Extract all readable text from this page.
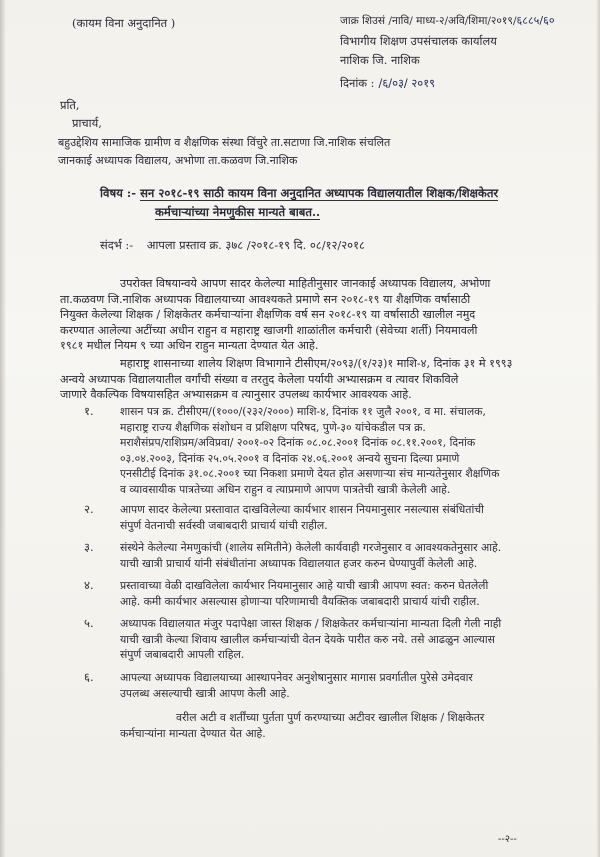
(कायम विना अनुदानित )	जाक्र शिउसं /नावि/ माध्य-२/अवि/शिमा/२०१९/६८८५/६०
विभागीय शिक्षण उपसंचालक कार्यालय
नाशिक जि. नाशिक
दिनांक : /६/०३/ २०१९
प्रति,
प्राचार्य,
बहुउद्देशिय सामाजिक ग्रामीण व शैक्षणिक संस्था विंचुरे ता.सटाणा जि.नाशिक संचलित
जानकाई अध्यापक विद्यालय, अभोणा ता.कळवण जि.नाशिक
विषय :- सन २०१८-१९ साठी कायम विना अनुदानित अध्यापक विद्यालयातील शिक्षक/शिक्षकेतर
कर्मचाऱ्यांच्या नेमणुकीस मान्यते बाबत..
संदर्भ :- आपला प्रस्ताव क्र. ३७८ /२०१८-१९ दि. ०८/१२/२०१८
उपरोक्त विषयान्वये आपण सादर केलेल्या माहितीनुसार जानकाई अध्यापक विद्यालय, अभोणा
ता.कळवण जि.नाशिक अध्यापक विद्यालयाच्या आवश्यकते प्रमाणे सन २०१८-१९ या शैक्षणिक वर्षासाठी
नियुक्त केलेल्या शिक्षक / शिक्षकेतर कर्मचाऱ्यांना शैक्षणिक वर्ष सन २०१८-१९ या वर्षासाठी खालील नमुद
करण्यात आलेल्या अटींच्या अधीन राहुन व महाराष्ट्र खाजगी शाळांतील कर्मचारी (सेवेच्या शर्ती) नियमावली
१९८१ मधील नियम ९ च्या अधिन राहुन मान्यता देण्यात येत आहे.
महाराष्ट्र शासनाच्या शालेय शिक्षण विभागाने टीसीएम/२०९३/(१/२३)१ माशि-४, दिनांक ३१ मे १९९३
अन्वये अध्यापक विद्यालयातील वर्गांची संख्या व तरतुद केलेला पर्यायी अभ्यासक्रम व त्यावर शिकविले
जाणारे वैकल्पिक विषयासहित अभ्यासक्रम व त्यानुसार उपलब्ध कार्यभार आवश्यक आहे.
१. शासन पत्र क्र. टीसीएम/(१०००/(२३२/२०००) माशि-४, दिनांक ११ जुलै २००१, व मा. संचालक,
महाराष्ट्र राज्य शैक्षणिक संशोधन व प्रशिक्षण परिषद, पुणे-३० यांचेकडील पत्र क्र.
मराशैसंप्रप/राशिप्रम/अविप्रवा/ २००१-०२ दिनांक ०८.०८.२००१ दिनांक ०८.११.२००१, दिनांक
०३.०४.२००३, दिनांक २५.०५.२००१ व दिनांक २४.०६.२००१ अन्वये सुचना दिल्या प्रमाणे
एनसीटीई दिनांक ३१.०८.२००१ च्या निकशा प्रमाणे देयत होत असणाऱ्या संच मान्यतेनुसार शैक्षणिक
व व्यावसायीक पात्रतेच्या अधिन राहुन व त्याप्रमाणे आपण पात्रतेची खात्री केलेली आहे.
२. आपण सादर केलेल्या प्रस्तावात दाखविलेल्या कार्यभार शासन नियमानुसार नसल्यास संबंधितांची
संपुर्ण वेतनाची सर्वस्वी जबाबदारी प्राचार्य यांची राहील.
३. संस्थेने केलेल्या नेमणुकांची (शालेय समितीने) केलेली कार्यवाही गरजेनुसार व आवश्यकतेनुसार आहे.
याची खात्री प्राचार्य यांनी संबंधीतांना अध्यापक विद्यालयात हजर करुन घेण्यापुर्वी केलेली आहे.
४. प्रस्तावाच्या वेळी दाखविलेला कार्यभार नियमानुसार आहे याची खात्री आपण स्वत: करुन घेतलेली
आहे. कमी कार्यभार असल्यास होणाऱ्या परिणामाची वैयक्तिक जबाबदारी प्राचार्य यांची राहील.
५. अध्यापक विद्यालयात मंजुर पदापेक्षा जास्त शिक्षक / शिक्षकेतर कर्मचाऱ्यांना मान्यता दिली गेली नाही
याची खात्री केल्या शिवाय खालील कर्मचाऱ्यांची वेतन देयके पारीत करु नये. तसे आढळुन आल्यास
संपुर्ण जबाबदारी आपली राहिल.
६. आपल्या अध्यापक विद्यालयाच्या आस्थापनेवर अनुशेषानुसार मागास प्रवर्गातील पुरेसे उमेदवार
उपलब्ध असल्याची खात्री आपण केली आहे.
वरील अटी व शर्तींच्या पुर्तता पुर्ण करण्याच्या अटीवर खालील शिक्षक / शिक्षकेतर
कर्मचाऱ्यांना मान्यता देण्यात येत आहे.
--२--
